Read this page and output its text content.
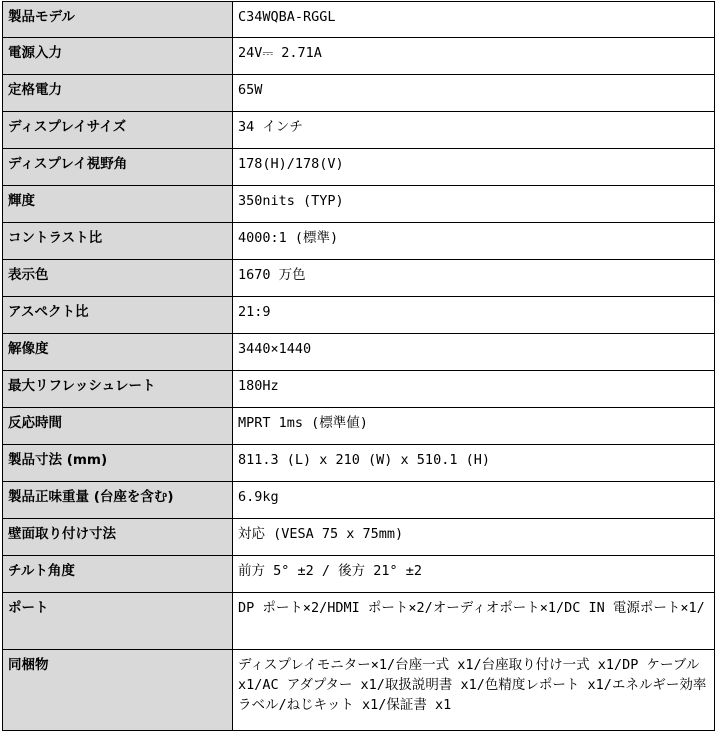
製品モデル	C34WQBA-RGGL
電源入力	24V⎓ 2.71A
定格電力	65W
ディスプレイサイズ	34 インチ
ディスプレイ視野角	178(H)/178(V)
輝度	350nits (TYP)
コントラスト比	4000:1 (標準)
表示色	1670 万色
アスペクト比	21:9
解像度	3440×1440
最大リフレッシュレート	180Hz
反応時間	MPRT 1ms (標準値)
製品寸法 (mm)	811.3 (L) x 210 (W) x 510.1 (H)
製品正味重量 (台座を含む)	6.9kg
壁面取り付け寸法	対応 (VESA 75 x 75mm)
チルト角度	前方 5° ±2 / 後方 21° ±2
ポート	DP ポート×2/HDMI ポート×2/オーディオポート×1/DC IN 電源ポート×1/
同梱物	ディスプレイモニター×1/台座一式 x1/台座取り付け一式 x1/DP ケーブル x1/AC アダプター x1/取扱説明書 x1/色精度レポート x1/エネルギー効率ラベル/ねじキット x1/保証書 x1
